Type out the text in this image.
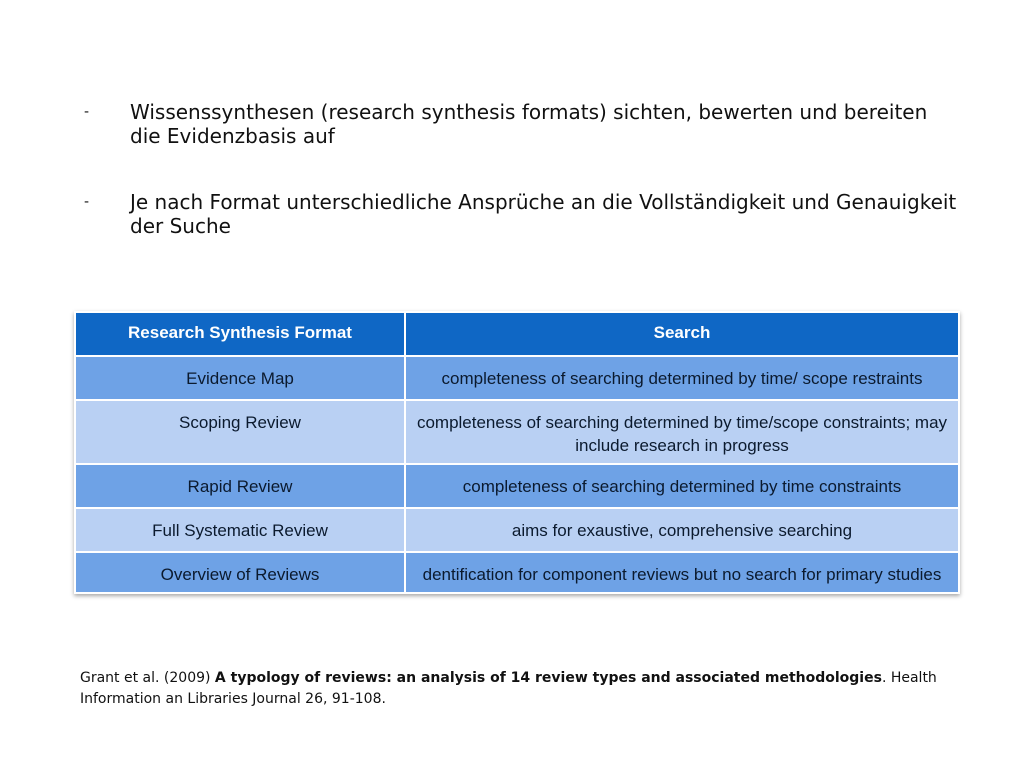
-	Wissenssynthesen (research synthesis formats) sichten, bewerten und bereiten die Evidenzbasis auf
-	Je nach Format unterschiedliche Ansprüche an die Vollständigkeit und Genauigkeit der Suche
Research Synthesis Format	Search
Evidence Map	completeness of searching determined by time/ scope restraints
Scoping Review	completeness of searching determined by time/scope constraints; may include research in progress
Rapid Review	completeness of searching determined by time constraints
Full Systematic Review	aims for exaustive, comprehensive searching
Overview of Reviews	dentification for component reviews but no search for primary studies
Grant et al. (2009) A typology of reviews: an analysis of 14 review types and associated methodologies. Health Information an Libraries Journal 26, 91-108.
